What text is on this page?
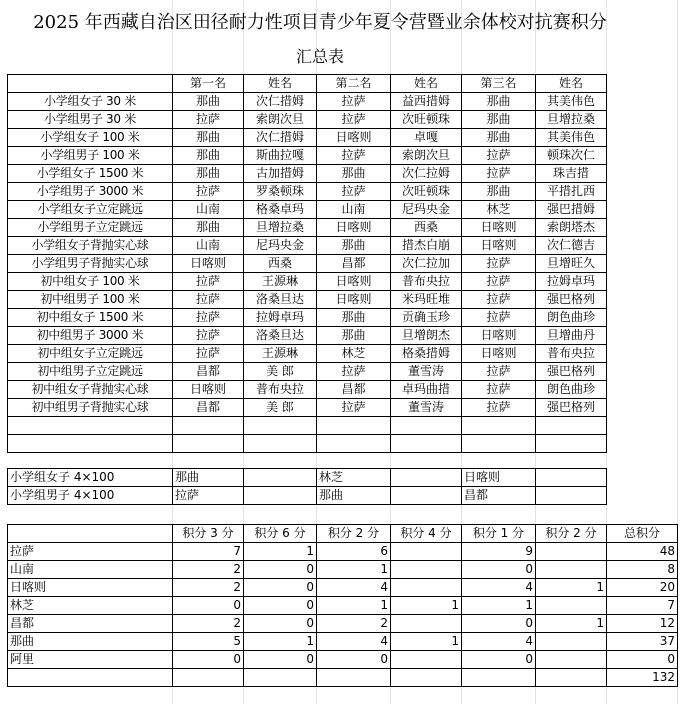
2025 年西藏自治区田径耐力性项目青少年夏令营暨业余体校对抗赛积分
汇总表
	第一名	姓名	第二名	姓名	第三名	姓名
小学组女子 30 米	那曲	次仁措姆	拉萨	益西措姆	那曲	其美伟色
小学组男子 30 米	拉萨	索朗次旦	拉萨	次旺顿珠	那曲	旦增拉桑
小学组女子 100 米	那曲	次仁措姆	日喀则	卓嘎	那曲	其美伟色
小学组男子 100 米	那曲	斯曲拉嘎	拉萨	索朗次旦	拉萨	顿珠次仁
小学组女子 1500 米	那曲	古加措姆	那曲	次仁拉姆	拉萨	珠吉措
小学组男子 3000 米	拉萨	罗桑顿珠	拉萨	次旺顿珠	那曲	平措扎西
小学组女子立定跳远	山南	格桑卓玛	山南	尼玛央金	林芝	强巴措姆
小学组男子立定跳远	那曲	旦增拉桑	日喀则	西桑	日喀则	索朗塔杰
小学组女子背抛实心球	山南	尼玛央金	那曲	措杰白崩	日喀则	次仁德吉
小学组男子背抛实心球	日喀则	西桑	昌都	次仁拉加	拉萨	旦增旺久
初中组女子 100 米	拉萨	王源琳	日喀则	普布央拉	拉萨	拉姆卓玛
初中组男子 100 米	拉萨	洛桑旦达	日喀则	米玛旺堆	拉萨	强巴格列
初中组女子 1500 米	拉萨	拉姆卓玛	那曲	贡确玉珍	拉萨	朗色曲珍
初中组男子 3000 米	拉萨	洛桑旦达	那曲	旦增朗杰	日喀则	旦增曲丹
初中组女子立定跳远	拉萨	王源琳	林芝	格桑措姆	日喀则	普布央拉
初中组男子立定跳远	昌都	美 郎	拉萨	董雪涛	拉萨	强巴格列
初中组女子背抛实心球	日喀则	普布央拉	昌都	卓玛曲措	拉萨	朗色曲珍
初中组男子背抛实心球	昌都	美 郎	拉萨	董雪涛	拉萨	强巴格列

小学组女子 4×100	那曲		林芝		日喀则	
小学组男子 4×100	拉萨		那曲		昌都	
	积分 3 分	积分 6 分	积分 2 分	积分 4 分	积分 1 分	积分 2 分	总积分
拉萨	7	1	6		9		48
山南	2	0	1		0		8
日喀则	2	0	4		4	1	20
林芝	0	0	1	1	1		7
昌都	2	0	2		0	1	12
那曲	5	1	4	1	4		37
阿里	0	0	0		0		0
							132
